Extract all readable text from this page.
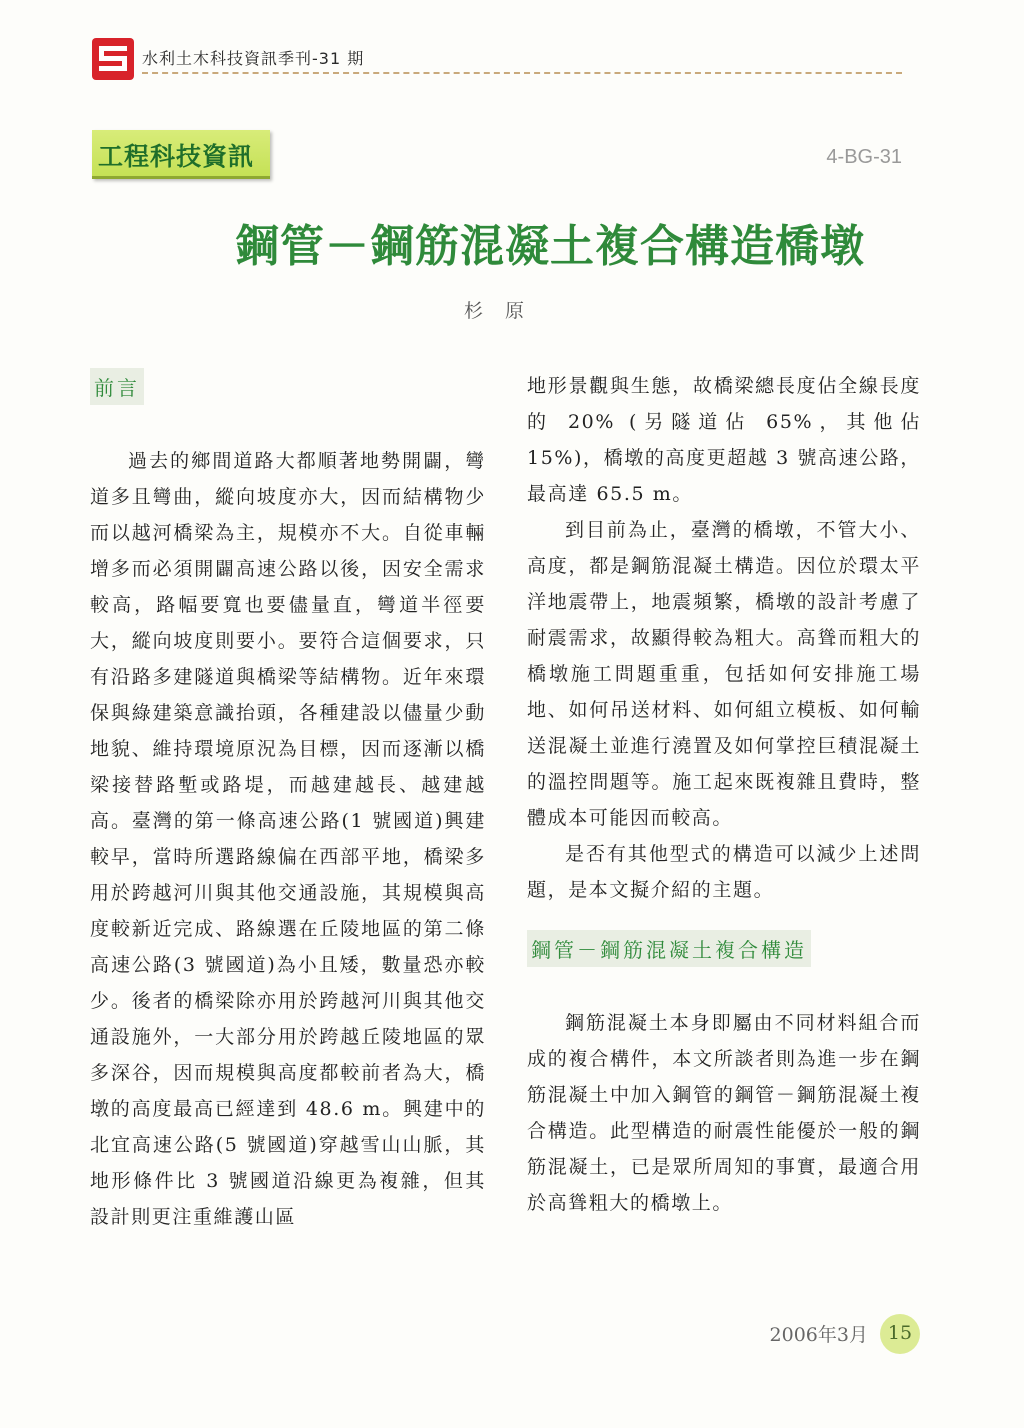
水利土木科技資訊季刊-31 期
工程科技資訊	4-BG-31
鋼管－鋼筋混凝土複合構造橋墩
杉原
前言

過去的鄉間道路大都順著地勢開闢，彎道多且彎曲，縱向坡度亦大，因而結構物少而以越河橋梁為主，規模亦不大。自從車輛增多而必須開闢高速公路以後，因安全需求較高，路幅要寬也要儘量直，彎道半徑要大，縱向坡度則要小。要符合這個要求，只有沿路多建隧道與橋梁等結構物。近年來環保與綠建築意識抬頭，各種建設以儘量少動地貌、維持環境原況為目標，因而逐漸以橋梁接替路塹或路堤，而越建越長、越建越高。臺灣的第一條高速公路(1 號國道)興建較早，當時所選路線偏在西部平地，橋梁多用於跨越河川與其他交通設施，其規模與高度較新近完成、路線選在丘陵地區的第二條高速公路(3 號國道)為小且矮，數量恐亦較少。後者的橋梁除亦用於跨越河川與其他交通設施外，一大部分用於跨越丘陵地區的眾多深谷，因而規模與高度都較前者為大，橋墩的高度最高已經達到 48.6 m。興建中的北宜高速公路(5 號國道)穿越雪山山脈，其地形條件比 3 號國道沿線更為複雜，但其設計則更注重維護山區

地形景觀與生態，故橋梁總長度佔全線長度的 20% (另隧道佔 65%，其他佔 15%)，橋墩的高度更超越 3 號高速公路，最高達 65.5 m。

到目前為止，臺灣的橋墩，不管大小、高度，都是鋼筋混凝土構造。因位於環太平洋地震帶上，地震頻繁，橋墩的設計考慮了耐震需求，故顯得較為粗大。高聳而粗大的橋墩施工問題重重，包括如何安排施工場地、如何吊送材料、如何組立模板、如何輸送混凝土並進行澆置及如何掌控巨積混凝土的溫控問題等。施工起來既複雜且費時，整體成本可能因而較高。

是否有其他型式的構造可以減少上述問題，是本文擬介紹的主題。

鋼管－鋼筋混凝土複合構造

鋼筋混凝土本身即屬由不同材料組合而成的複合構件，本文所談者則為進一步在鋼筋混凝土中加入鋼管的鋼管－鋼筋混凝土複合構造。此型構造的耐震性能優於一般的鋼筋混凝土，已是眾所周知的事實，最適合用於高聳粗大的橋墩上。

2006年3月	15
